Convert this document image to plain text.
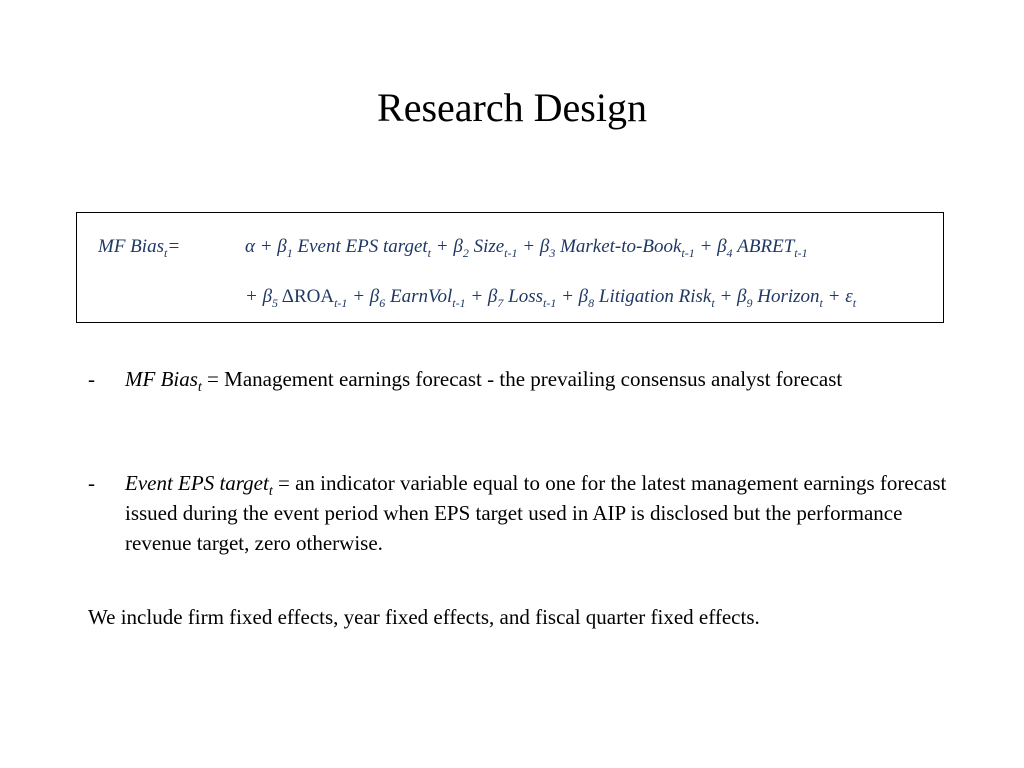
Research Design
MF Bias$_t$=	$\alpha + \beta_1$ Event EPS target$_t$ + $\beta_2$ Size$_{t-1}$ + $\beta_3$ Market-to-Book$_{t-1}$ + $\beta_4$ $ABRET_{t-1}$
+ $\beta_5$ $\Delta ROA_{t-1} + \beta_6$ EarnVol$_{t-1}$ + $\beta_7$ Loss$_{t-1}$ + $\beta_8$ Litigation Risk$_t$ + $\beta_9$ Horizon$_t$ + $\varepsilon_t$
- MF Bias$_t$ = Management earnings forecast - the prevailing consensus analyst forecast
- Event EPS target$_t$ = an indicator variable equal to one for the latest management earnings forecast issued during the event period when EPS target used in AIP is disclosed but the performance revenue target, zero otherwise.
We include firm fixed effects, year fixed effects, and fiscal quarter fixed effects.
